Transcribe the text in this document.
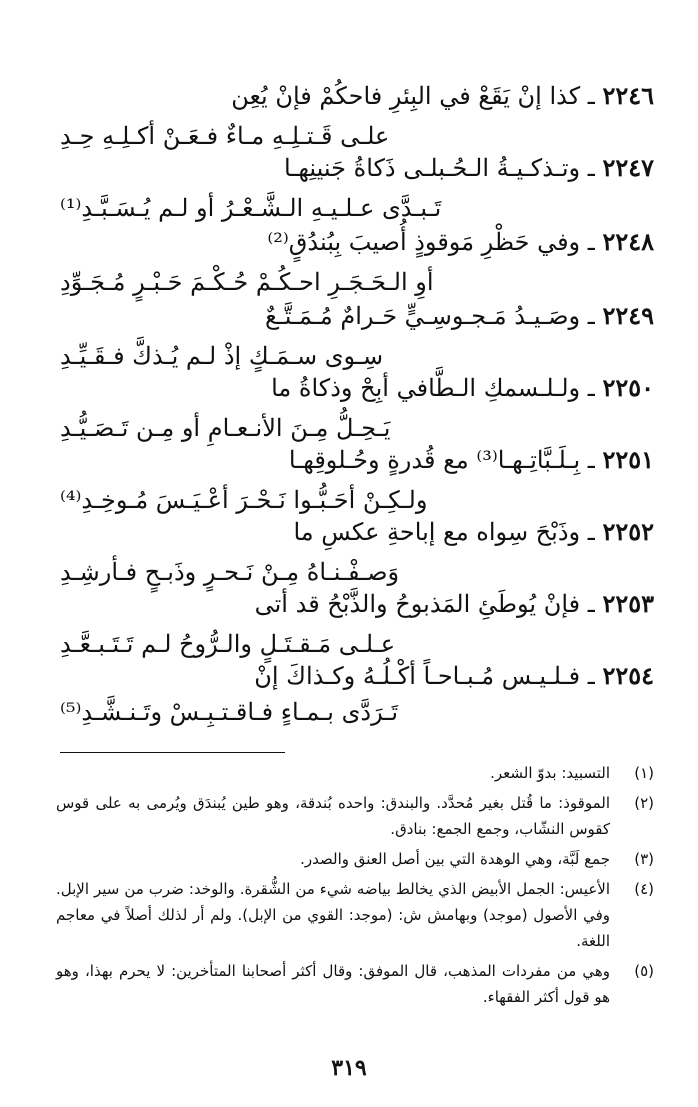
٢٢٤٦ ـ كذا إنْ يَقَعْ في البِئرِ فاحكُمْ فإنْ يُعِن
علـى قَـتـلِـهِ مـاءٌ فـعَـنْ أكـلِـهِ حِـدِ
٢٢٤٧ ـ وتـذكـيـةُ الـحُـبلـى ذَكاةُ جَنينِهـا
تَـبـدَّى عـلـيـهِ الـشَّـعْـرُ أو لـم يُـسَـبَّـدِ⁽¹⁾
٢٢٤٨ ـ وفي حَظْرِ مَوقوذٍ أُصيبَ بِبُندُقٍ⁽²⁾
أوِ الـحَـجَـرِ احـكُـمْ حُـكْـمَ حَـبْـرٍ مُـجَـوِّدِ
٢٢٤٩ ـ وصَـيـدُ مَـجـوسِـيٍّ حَـرامٌ مُـمَـتَّـعٌ
سِـوى سـمَـكٍ إذْ لـم يُـذكَّ فـقَـيِّـدِ
٢٢٥٠ ـ ولـلـسمكِ الـطَّافي أبِحْ وذكاةُ ما
يَـحِـلُّ مِـنَ الأنـعـامِ أو مِـن تَـصَـيُّـدِ
٢٢٥١ ـ بِـلَـبَّاتِـهـا⁽³⁾ مع قُدرةٍ وحُـلوقِهـا
ولـكِـنْ أحَـبُّـوا نَـحْـرَ أعْـيَـسَ مُـوخِـدِ⁽⁴⁾
٢٢٥٢ ـ وذَبْحَ سِواه مع إباحةِ عكسِ ما
وَصـفْـنـاهُ مِـنْ نَـحـرٍ وذَبـحٍ فـأرشِـدِ
٢٢٥٣ ـ فإنْ يُوطَئِ المَذبوحُ والذَّبْحُ قد أتى
عـلـى مَـقـتَـلٍ والـرُّوحُ لـم تَـتَـبـعَّـدِ
٢٢٥٤ ـ فـلـيـس مُـبـاحـاً أكْـلُـهُ وكـذاكَ إنْ
تَـرَدَّى بـمـاءٍ فـاقـتـبِـسْ وتَـنـشَّـدِ⁽⁵⁾
(١)
التسبيد: بدوّ الشعر.
(٢)
الموقوذ: ما قُتل بغير مُحدَّد. والبندق: واحده بُندقة، وهو طين يُبندَق ويُرمى به على قوس كقوس النشّاب، وجمع الجمع: بنادق.
(٣)
جمع لَبَّة، وهي الوهدة التي بين أصل العنق والصدر.
(٤)
الأعيس: الجمل الأبيض الذي يخالط بياضه شيء من الشُّقرة. والوخد: ضرب من سير الإبل. وفي الأصول (موجد) وبهامش ش: (موجد: القوي من الإبل). ولم أر لذلك أصلاً في معاجم اللغة.
(٥)
وهي من مفردات المذهب، قال الموفق: وقال أكثر أصحابنا المتأخرين: لا يحرم بهذا، وهو هو قول أكثر الفقهاء.
٣١٩
